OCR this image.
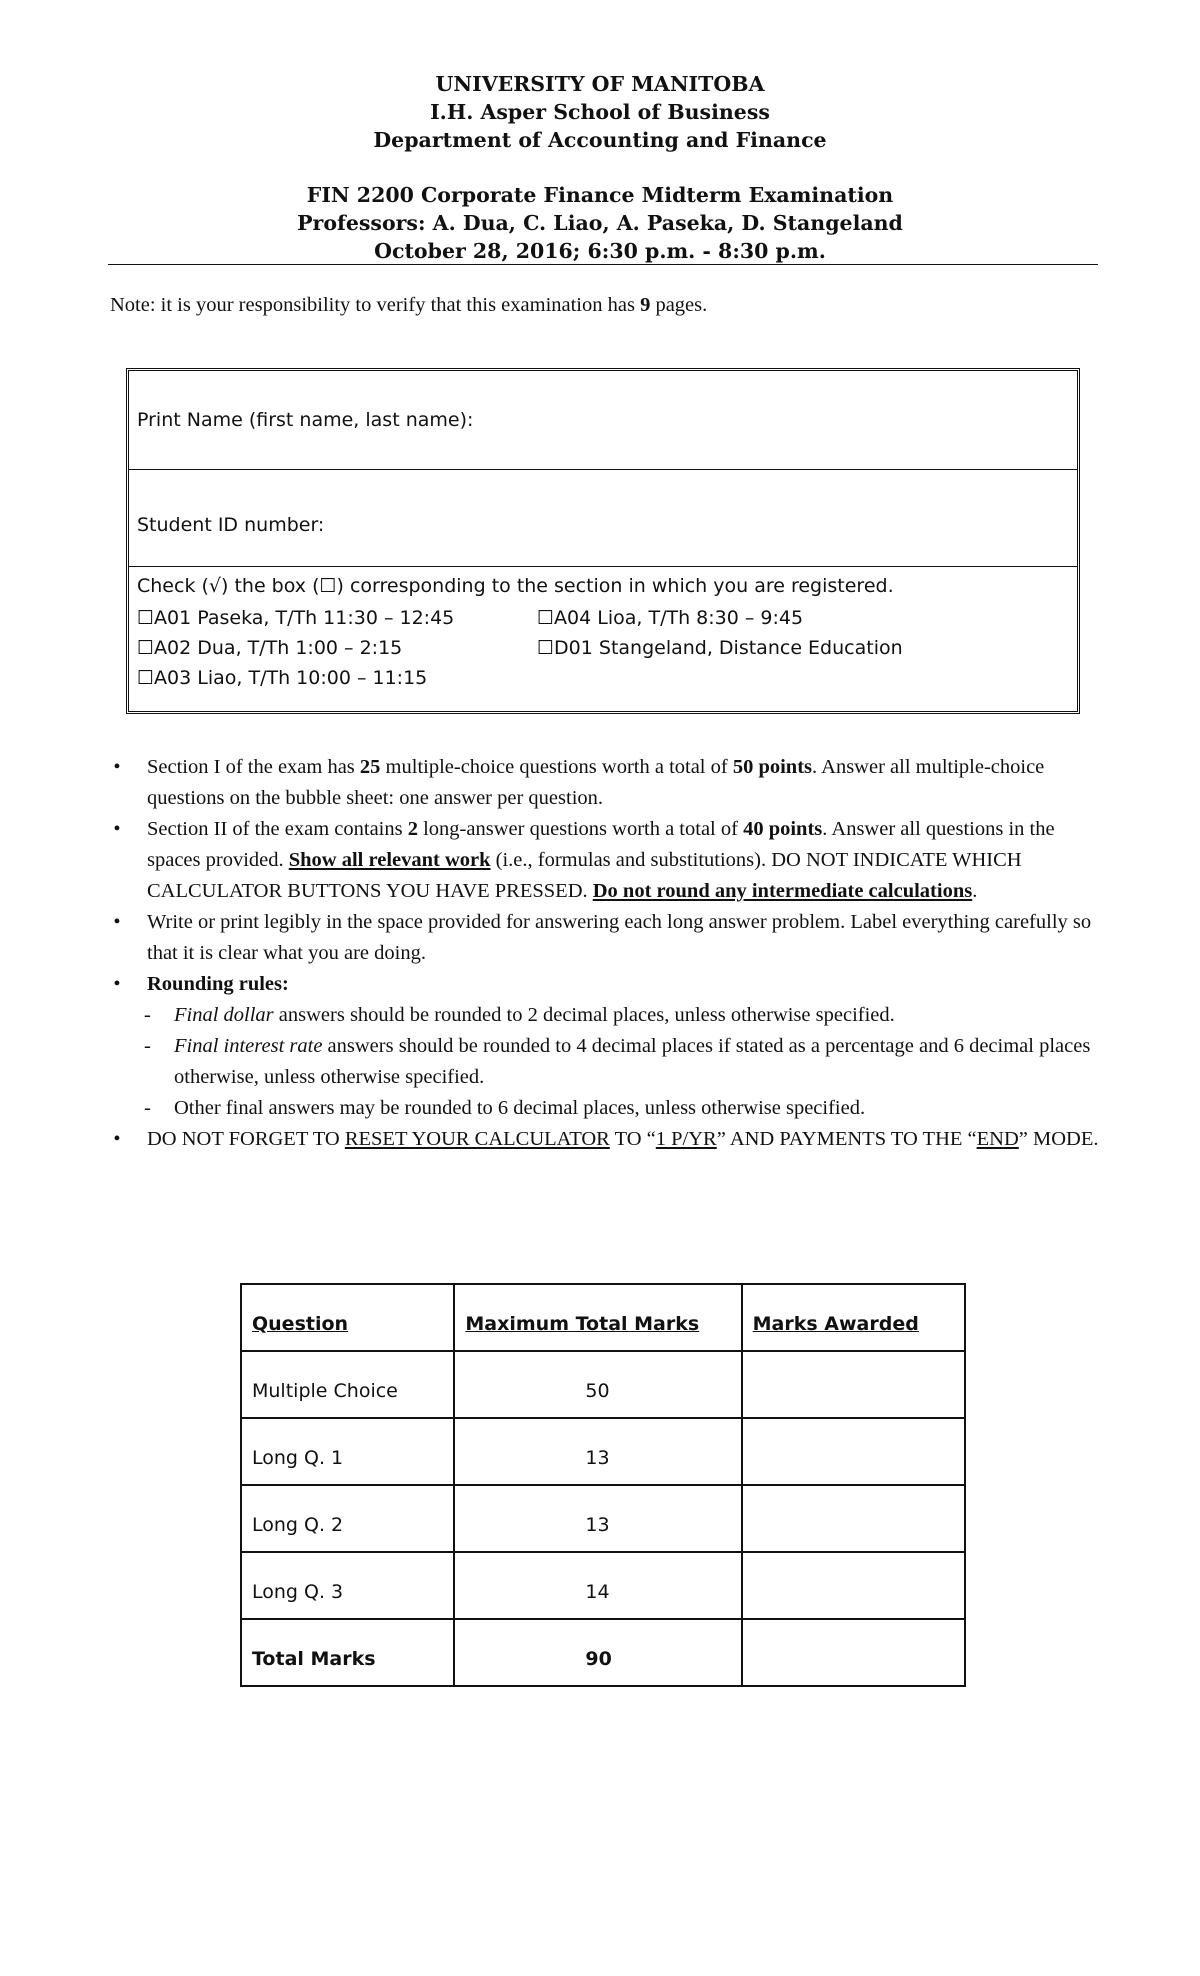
UNIVERSITY OF MANITOBA
I.H. Asper School of Business
Department of Accounting and Finance
FIN 2200 Corporate Finance Midterm Examination
Professors: A. Dua, C. Liao, A. Paseka, D. Stangeland
October 28, 2016; 6:30 p.m. - 8:30 p.m.
Note: it is your responsibility to verify that this examination has 9 pages.
Print Name (first name, last name):
Student ID number:
Check (√) the box (☐) corresponding to the section in which you are registered.
☐A01 Paseka, T/Th 11:30 – 12:45	☐A04 Lioa, T/Th 8:30 – 9:45
☐A02 Dua, T/Th 1:00 – 2:15	☐D01 Stangeland, Distance Education
☐A03 Liao, T/Th 10:00 – 11:15
• Section I of the exam has 25 multiple-choice questions worth a total of 50 points. Answer all multiple-choice questions on the bubble sheet: one answer per question.
• Section II of the exam contains 2 long-answer questions worth a total of 40 points. Answer all questions in the spaces provided. Show all relevant work (i.e., formulas and substitutions). DO NOT INDICATE WHICH CALCULATOR BUTTONS YOU HAVE PRESSED. Do not round any intermediate calculations.
• Write or print legibly in the space provided for answering each long answer problem. Label everything carefully so that it is clear what you are doing.
• Rounding rules:
-	Final dollar answers should be rounded to 2 decimal places, unless otherwise specified.
-	Final interest rate answers should be rounded to 4 decimal places if stated as a percentage and 6 decimal places otherwise, unless otherwise specified.
-	Other final answers may be rounded to 6 decimal places, unless otherwise specified.
• DO NOT FORGET TO RESET YOUR CALCULATOR TO “1 P/YR” AND PAYMENTS TO THE “END” MODE.
Question	Maximum Total Marks	Marks Awarded
Multiple Choice	50	
Long Q. 1	13	
Long Q. 2	13	
Long Q. 3	14	
Total Marks	90	
